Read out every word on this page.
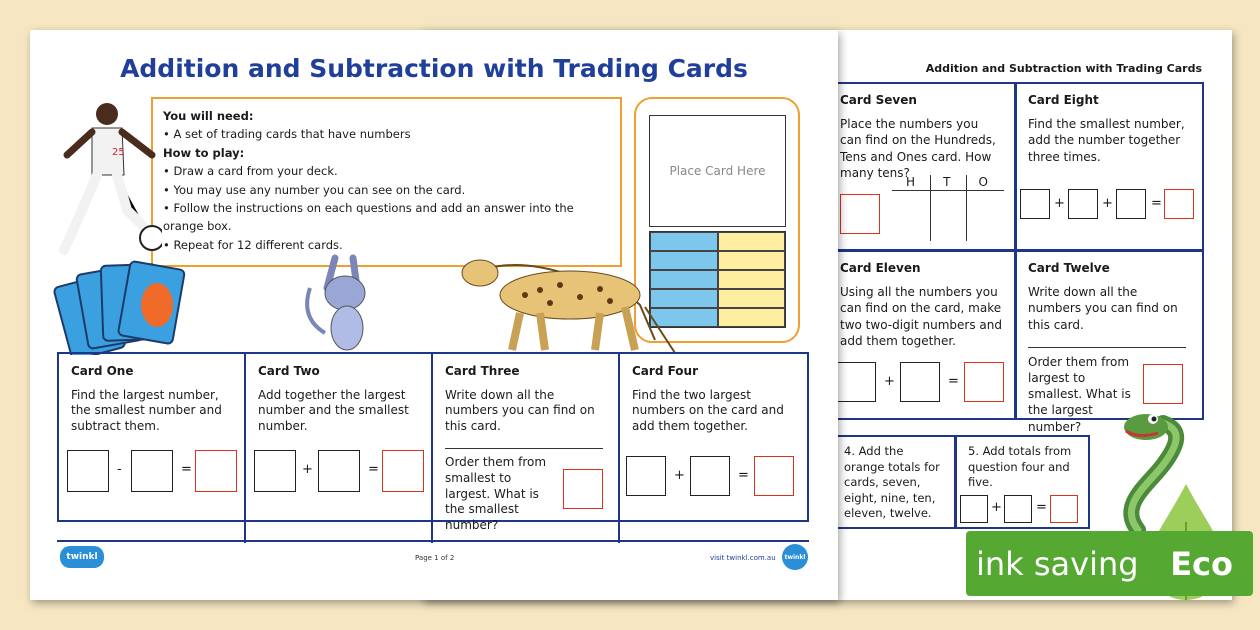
Addition and Subtraction with Trading Cards
Card Seven
Place the numbers you can find on the Hundreds, Tens and Ones card. How many tens?
H T O
Card Eight
Find the smallest number, add the number together three times.
+	+	=
Card Eleven
Using all the numbers you can find on the card, make two two-digit numbers and add them together.
+	=
Card Twelve
Write down all the numbers you can find on this card.
Order them from largest to smallest. What is the largest number?
4. Add the orange totals for cards, seven, eight, nine, ten, eleven, twelve.
5. Add totals from question four and five.
+	=
Addition and Subtraction with Trading Cards
You will need:
• A set of trading cards that have numbers
How to play:
• Draw a card from your deck.
• You may use any number you can see on the card.
• Follow the instructions on each questions and add an answer into the orange box.
• Repeat for 12 different cards.
Place Card Here
25
Card One
Find the largest number, the smallest number and subtract them.
-	=
Card Two
Add together the largest number and the smallest number.
+	=
Card Three
Write down all the numbers you can find on this card.
Order them from smallest to largest. What is the smallest number?
Card Four
Find the two largest numbers on the card and add them together.
+	=
twinkl	Page 1 of 2	visit twinkl.com.au	twinkl	ink saving Eco
